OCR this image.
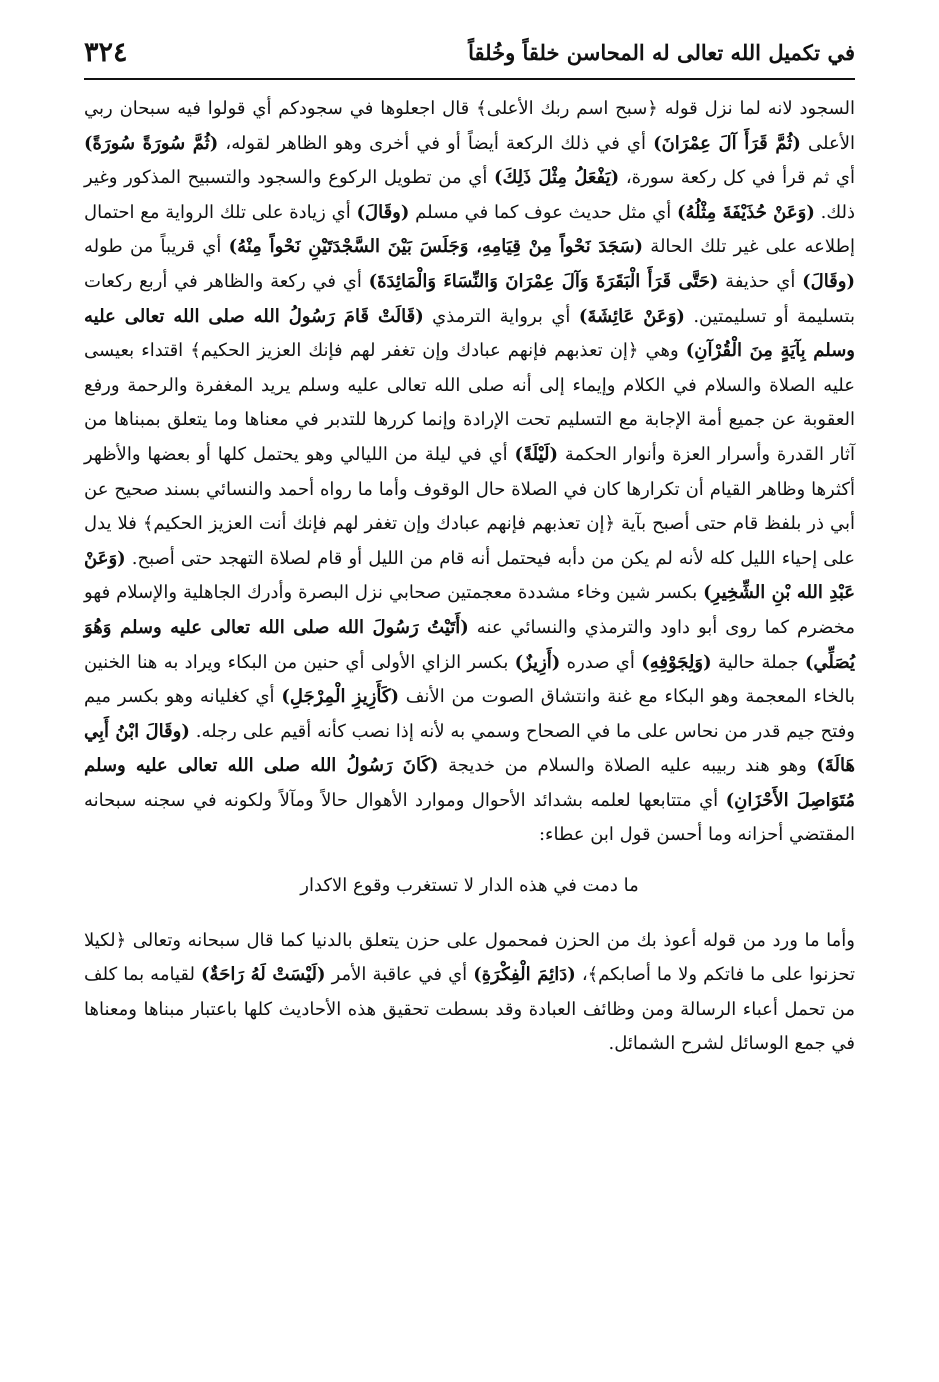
في تكميل الله تعالى له المحاسن خلقاً وخُلقاً
٣٢٤

السجود لانه لما نزل قوله ﴿سبح اسم ربك الأعلى﴾ قال اجعلوها في سجودكم أي قولوا فيه سبحان ربي الأعلى (ثُمَّ قَرَأَ آلَ عِمْرَانَ) أي في ذلك الركعة أيضاً أو في أخرى وهو الظاهر لقوله، (ثُمَّ سُورَةً سُورَةً) أي ثم قرأ في كل ركعة سورة، (يَفْعَلُ مِثْلَ ذَلِكَ) أي من تطويل الركوع والسجود والتسبيح المذكور وغير ذلك. (وَعَنْ حُذَيْفَةَ مِثْلُهُ) أي مثل حديث عوف كما في مسلم (وقَالَ) أي زيادة على تلك الرواية مع احتمال إطلاعه على غير تلك الحالة (سَجَدَ نَحْواً مِنْ قِيَامِهِ، وَجَلَسَ بَيْنَ السَّجْدَتَيْنِ نَحْواً مِنْهُ) أي قريباً من طوله (وقَالَ) أي حذيفة (حَتَّى قَرَأَ الْبَقَرَةَ وَآلَ عِمْرَانَ وَالنِّسَاءَ وَالْمَائِدَةَ) أي في ركعة والظاهر في أربع ركعات بتسليمة أو تسليمتين. (وَعَنْ عَائِشَةَ) أي برواية الترمذي (قَالَتْ قَامَ رَسُولُ الله صلى الله تعالى عليه وسلم بِآيَةٍ مِنَ الْقُرْآنِ) وهي ﴿إن تعذبهم فإنهم عبادك وإن تغفر لهم فإنك العزيز الحكيم﴾ اقتداء بعيسى عليه الصلاة والسلام في الكلام وإيماء إلى أنه صلى الله تعالى عليه وسلم يريد المغفرة والرحمة ورفع العقوبة عن جميع أمة الإجابة مع التسليم تحت الإرادة وإنما كررها للتدبر في معناها وما يتعلق بمبناها من آثار القدرة وأسرار العزة وأنوار الحكمة (لَيْلَةً) أي في ليلة من الليالي وهو يحتمل كلها أو بعضها والأظهر أكثرها وظاهر القيام أن تكرارها كان في الصلاة حال الوقوف وأما ما رواه أحمد والنسائي بسند صحيح عن أبي ذر بلفظ قام حتى أصبح بآية ﴿إن تعذبهم فإنهم عبادك وإن تغفر لهم فإنك أنت العزيز الحكيم﴾ فلا يدل على إحياء الليل كله لأنه لم يكن من دأبه فيحتمل أنه قام من الليل أو قام لصلاة التهجد حتى أصبح. (وَعَنْ عَبْدِ الله بْنِ الشِّخِيرِ) بكسر شين وخاء مشددة معجمتين صحابي نزل البصرة وأدرك الجاهلية والإسلام فهو مخضرم كما روى أبو داود والترمذي والنسائي عنه (أَتَيْتُ رَسُولَ الله صلى الله تعالى عليه وسلم وَهُوَ يُصَلِّي) جملة حالية (وَلِجَوْفِهِ) أي صدره (أَزِيزٌ) بكسر الزاي الأولى أي حنين من البكاء ويراد به هنا الخنين بالخاء المعجمة وهو البكاء مع غنة وانتشاق الصوت من الأنف (كَأَزِيزِ الْمِرْجَلِ) أي كغليانه وهو بكسر ميم وفتح جيم قدر من نحاس على ما في الصحاح وسمي به لأنه إذا نصب كأنه أقيم على رجله. (وقَالَ ابْنُ أَبِي هَالَةَ) وهو هند ربيبه عليه الصلاة والسلام من خديجة (كَانَ رَسُولُ الله صلى الله تعالى عليه وسلم مُتَوَاصِلَ الأَحْزَانِ) أي متتابعها لعلمه بشدائد الأحوال وموارد الأهوال حالاً ومآلاً ولكونه في سجنه سبحانه المقتضي أحزانه وما أحسن قول ابن عطاء:

ما دمت في هذه الدار لا تستغرب وقوع الاكدار

وأما ما ورد من قوله أعوذ بك من الحزن فمحمول على حزن يتعلق بالدنيا كما قال سبحانه وتعالى ﴿لكيلا تحزنوا على ما فاتكم ولا ما أصابكم﴾، (دَائِمَ الْفِكْرَةِ) أي في عاقبة الأمر (لَيْسَتْ لَهُ رَاحَةٌ) لقيامه بما كلف من تحمل أعباء الرسالة ومن وظائف العبادة وقد بسطت تحقيق هذه الأحاديث كلها باعتبار مبناها ومعناها في جمع الوسائل لشرح الشمائل.
